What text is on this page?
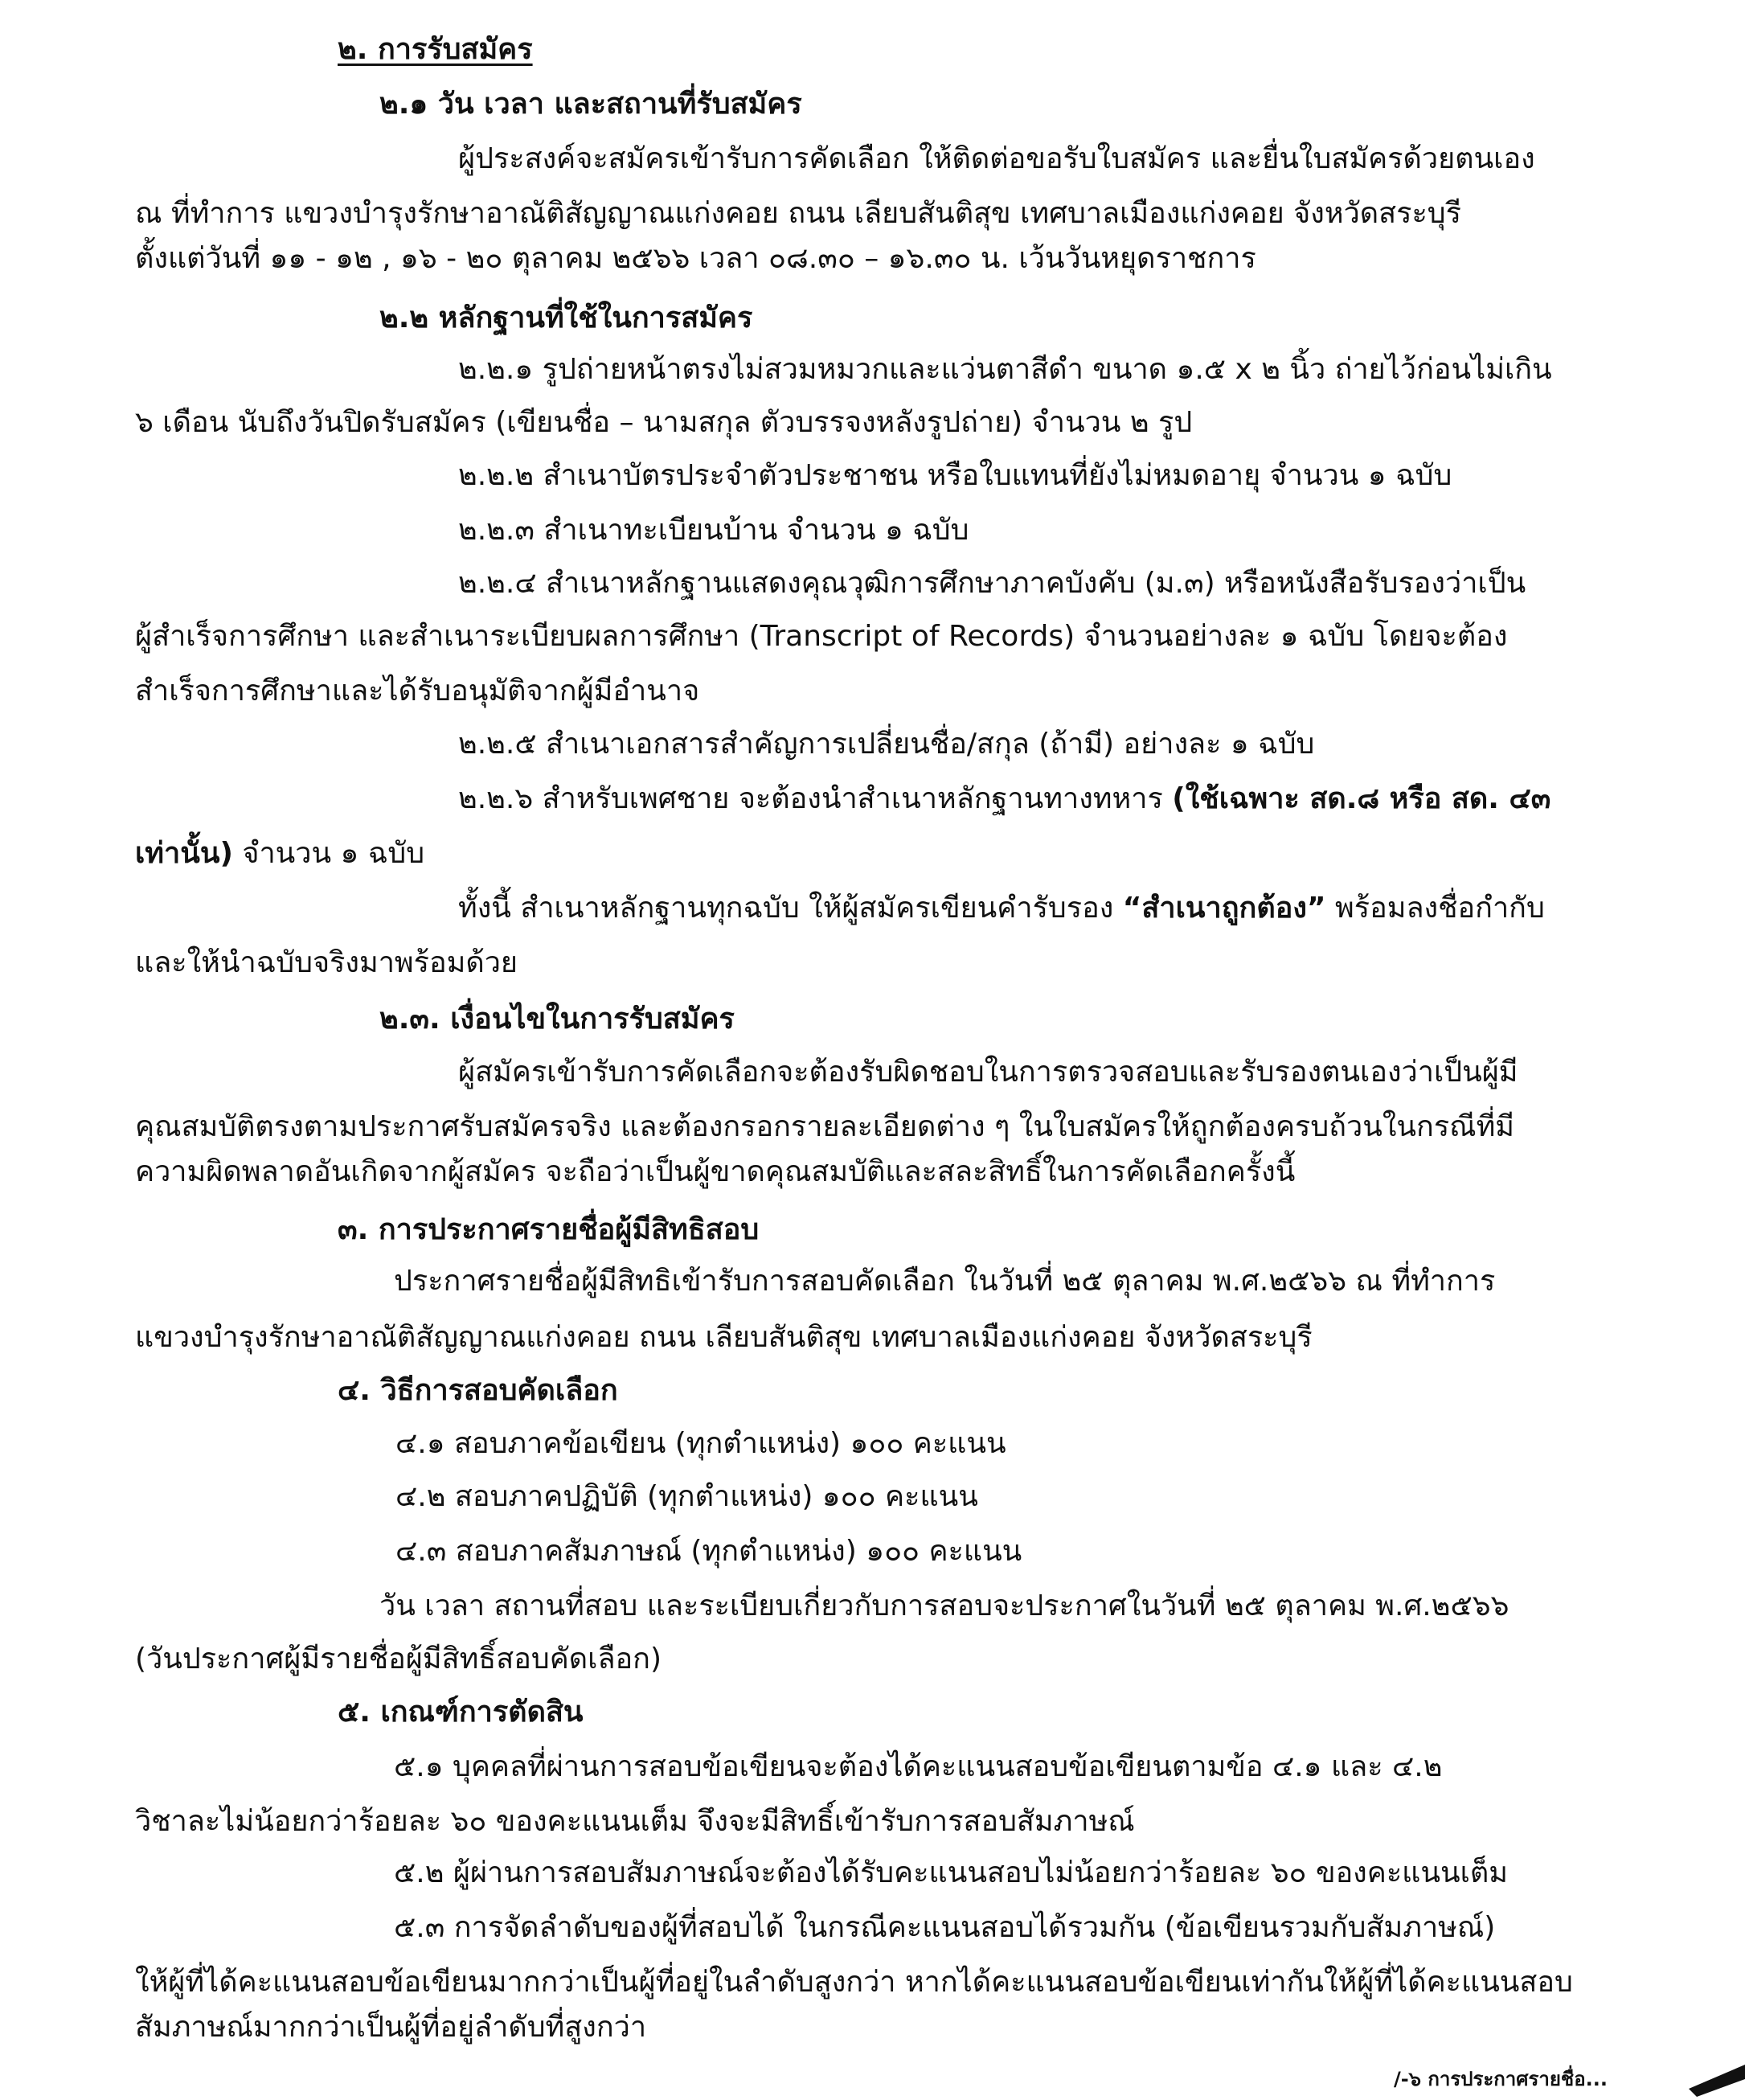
๒. การรับสมัคร
๒.๑ วัน เวลา และสถานที่รับสมัคร
ผู้ประสงค์จะสมัครเข้ารับการคัดเลือก ให้ติดต่อขอรับใบสมัคร และยื่นใบสมัครด้วยตนเอง
ณ ที่ทำการ แขวงบำรุงรักษาอาณัติสัญญาณแก่งคอย ถนน เลียบสันติสุข เทศบาลเมืองแก่งคอย จังหวัดสระบุรี
ตั้งแต่วันที่ ๑๑ - ๑๒ , ๑๖ - ๒๐ ตุลาคม ๒๕๖๖ เวลา ๐๘.๓๐ – ๑๖.๓๐ น. เว้นวันหยุดราชการ
๒.๒ หลักฐานที่ใช้ในการสมัคร
๒.๒.๑ รูปถ่ายหน้าตรงไม่สวมหมวกและแว่นตาสีดำ ขนาด ๑.๕ x ๒ นิ้ว ถ่ายไว้ก่อนไม่เกิน
๖ เดือน นับถึงวันปิดรับสมัคร (เขียนชื่อ – นามสกุล ตัวบรรจงหลังรูปถ่าย) จำนวน ๒ รูป
๒.๒.๒ สำเนาบัตรประจำตัวประชาชน หรือใบแทนที่ยังไม่หมดอายุ จำนวน ๑ ฉบับ
๒.๒.๓ สำเนาทะเบียนบ้าน จำนวน ๑ ฉบับ
๒.๒.๔ สำเนาหลักฐานแสดงคุณวุฒิการศึกษาภาคบังคับ (ม.๓) หรือหนังสือรับรองว่าเป็น
ผู้สำเร็จการศึกษา และสำเนาระเบียบผลการศึกษา (Transcript of Records) จำนวนอย่างละ ๑ ฉบับ โดยจะต้อง
สำเร็จการศึกษาและได้รับอนุมัติจากผู้มีอำนาจ
๒.๒.๕ สำเนาเอกสารสำคัญการเปลี่ยนชื่อ/สกุล (ถ้ามี) อย่างละ ๑ ฉบับ
๒.๒.๖ สำหรับเพศชาย จะต้องนำสำเนาหลักฐานทางทหาร (ใช้เฉพาะ สด.๘ หรือ สด. ๔๓
เท่านั้น) จำนวน ๑ ฉบับ
ทั้งนี้ สำเนาหลักฐานทุกฉบับ ให้ผู้สมัครเขียนคำรับรอง “สำเนาถูกต้อง” พร้อมลงชื่อกำกับ
และให้นำฉบับจริงมาพร้อมด้วย
๒.๓. เงื่อนไขในการรับสมัคร
ผู้สมัครเข้ารับการคัดเลือกจะต้องรับผิดชอบในการตรวจสอบและรับรองตนเองว่าเป็นผู้มี
คุณสมบัติตรงตามประกาศรับสมัครจริง และต้องกรอกรายละเอียดต่าง ๆ ในใบสมัครให้ถูกต้องครบถ้วนในกรณีที่มี
ความผิดพลาดอันเกิดจากผู้สมัคร จะถือว่าเป็นผู้ขาดคุณสมบัติและสละสิทธิ์ในการคัดเลือกครั้งนี้
๓. การประกาศรายชื่อผู้มีสิทธิสอบ
ประกาศรายชื่อผู้มีสิทธิเข้ารับการสอบคัดเลือก ในวันที่ ๒๕ ตุลาคม พ.ศ.๒๕๖๖ ณ ที่ทำการ
แขวงบำรุงรักษาอาณัติสัญญาณแก่งคอย ถนน เลียบสันติสุข เทศบาลเมืองแก่งคอย จังหวัดสระบุรี
๔. วิธีการสอบคัดเลือก
๔.๑ สอบภาคข้อเขียน (ทุกตำแหน่ง) ๑๐๐ คะแนน
๔.๒ สอบภาคปฏิบัติ (ทุกตำแหน่ง) ๑๐๐ คะแนน
๔.๓ สอบภาคสัมภาษณ์ (ทุกตำแหน่ง) ๑๐๐ คะแนน
วัน เวลา สถานที่สอบ และระเบียบเกี่ยวกับการสอบจะประกาศในวันที่ ๒๕ ตุลาคม พ.ศ.๒๕๖๖
(วันประกาศผู้มีรายชื่อผู้มีสิทธิ์สอบคัดเลือก)
๕. เกณฑ์การตัดสิน
๕.๑ บุคคลที่ผ่านการสอบข้อเขียนจะต้องได้คะแนนสอบข้อเขียนตามข้อ ๔.๑ และ ๔.๒
วิชาละไม่น้อยกว่าร้อยละ ๖๐ ของคะแนนเต็ม จึงจะมีสิทธิ์เข้ารับการสอบสัมภาษณ์
๕.๒ ผู้ผ่านการสอบสัมภาษณ์จะต้องได้รับคะแนนสอบไม่น้อยกว่าร้อยละ ๖๐ ของคะแนนเต็ม
๕.๓ การจัดลำดับของผู้ที่สอบได้ ในกรณีคะแนนสอบได้รวมกัน (ข้อเขียนรวมกับสัมภาษณ์)
ให้ผู้ที่ได้คะแนนสอบข้อเขียนมากกว่าเป็นผู้ที่อยู่ในลำดับสูงกว่า หากได้คะแนนสอบข้อเขียนเท่ากันให้ผู้ที่ได้คะแนนสอบ
สัมภาษณ์มากกว่าเป็นผู้ที่อยู่ลำดับที่สูงกว่า
/-๖ การประกาศรายชื่อ...
